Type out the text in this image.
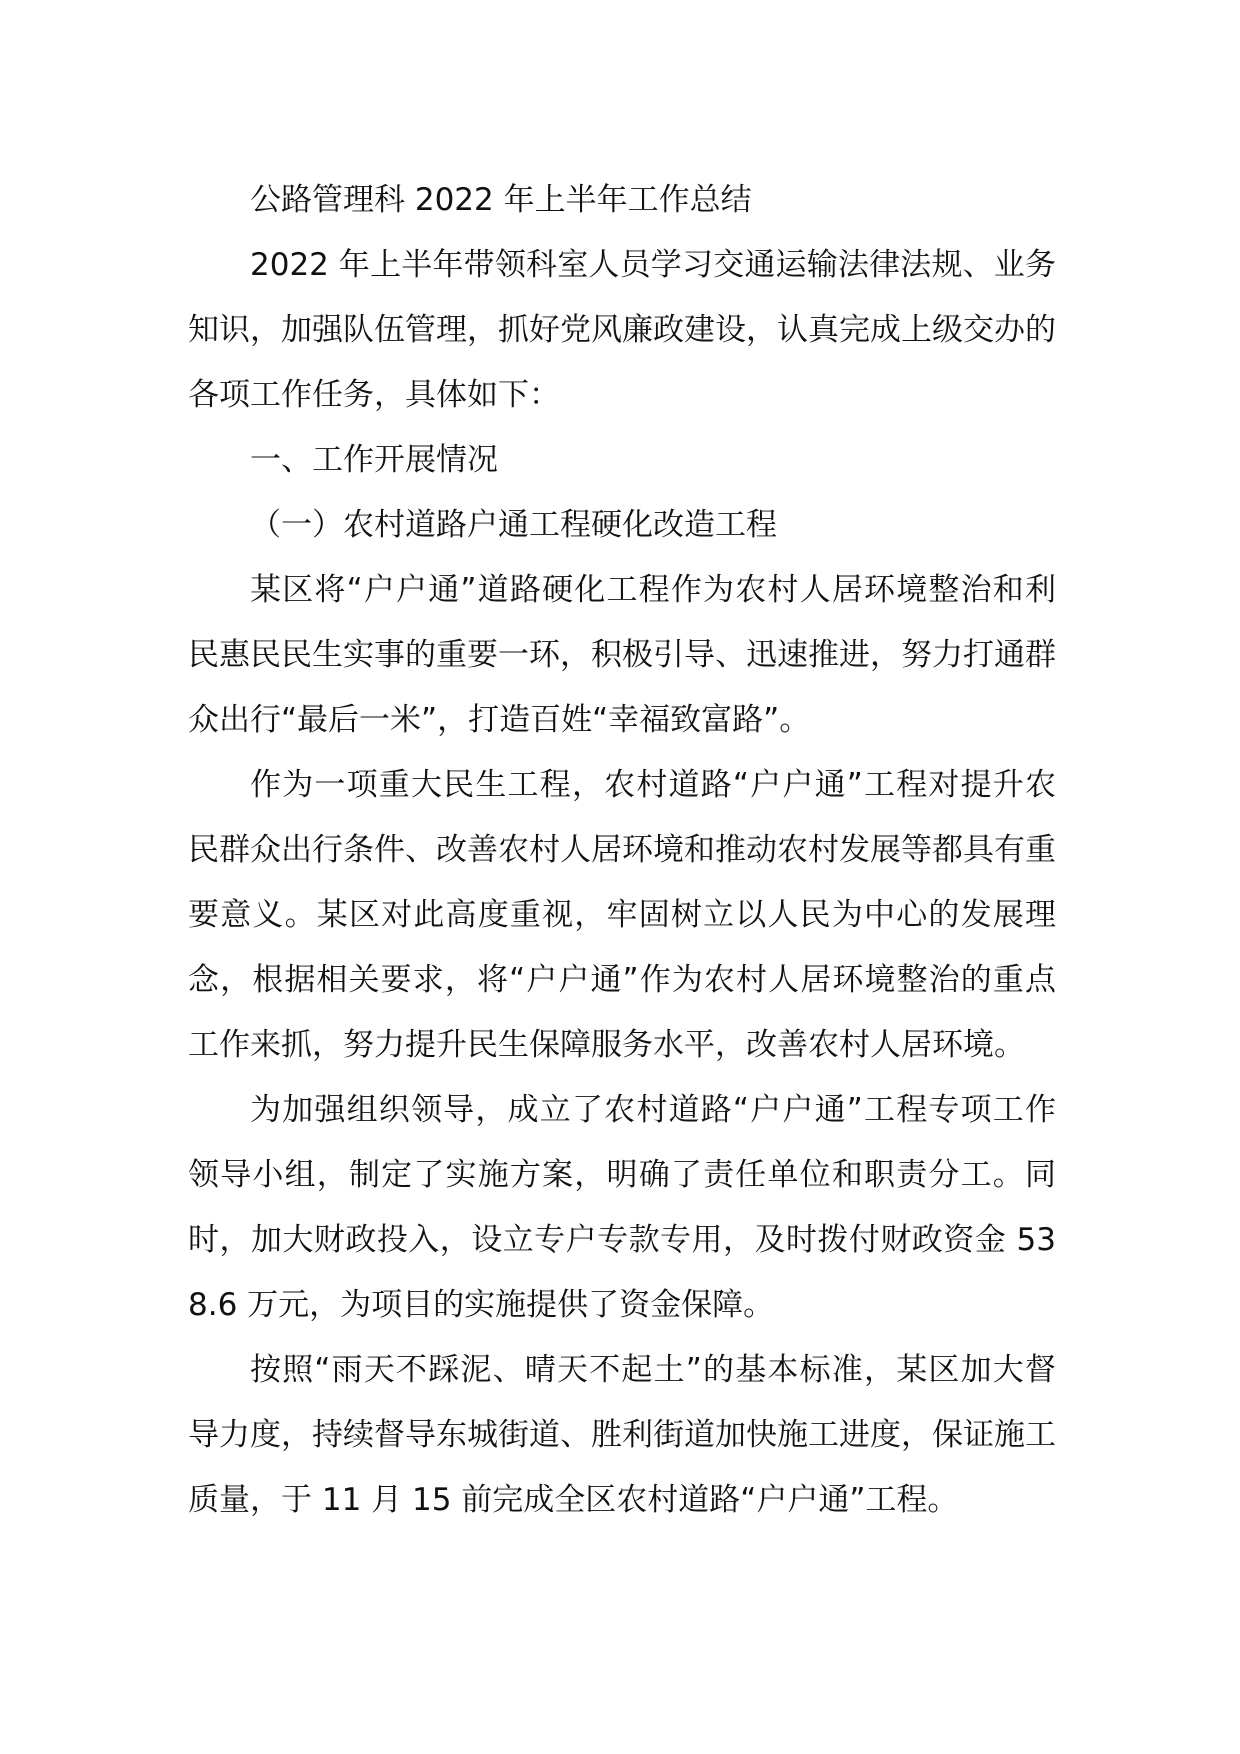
公路管理科 2022 年上半年工作总结

2022 年上半年带领科室人员学习交通运输法律法规、业务知识，加强队伍管理，抓好党风廉政建设，认真完成上级交办的各项工作任务，具体如下：

一、工作开展情况

（一）农村道路户通工程硬化改造工程

某区将“户户通”道路硬化工程作为农村人居环境整治和利民惠民民生实事的重要一环，积极引导、迅速推进，努力打通群众出行“最后一米”，打造百姓“幸福致富路”。

作为一项重大民生工程，农村道路“户户通”工程对提升农民群众出行条件、改善农村人居环境和推动农村发展等都具有重要意义。某区对此高度重视，牢固树立以人民为中心的发展理念，根据相关要求，将“户户通”作为农村人居环境整治的重点工作来抓，努力提升民生保障服务水平，改善农村人居环境。

为加强组织领导，成立了农村道路“户户通”工程专项工作领导小组，制定了实施方案，明确了责任单位和职责分工。同时，加大财政投入，设立专户专款专用，及时拨付财政资金 538.6 万元，为项目的实施提供了资金保障。

按照“雨天不踩泥、晴天不起土”的基本标准，某区加大督导力度，持续督导东城街道、胜利街道加快施工进度，保证施工质量，于 11 月 15 前完成全区农村道路“户户通”工程。
